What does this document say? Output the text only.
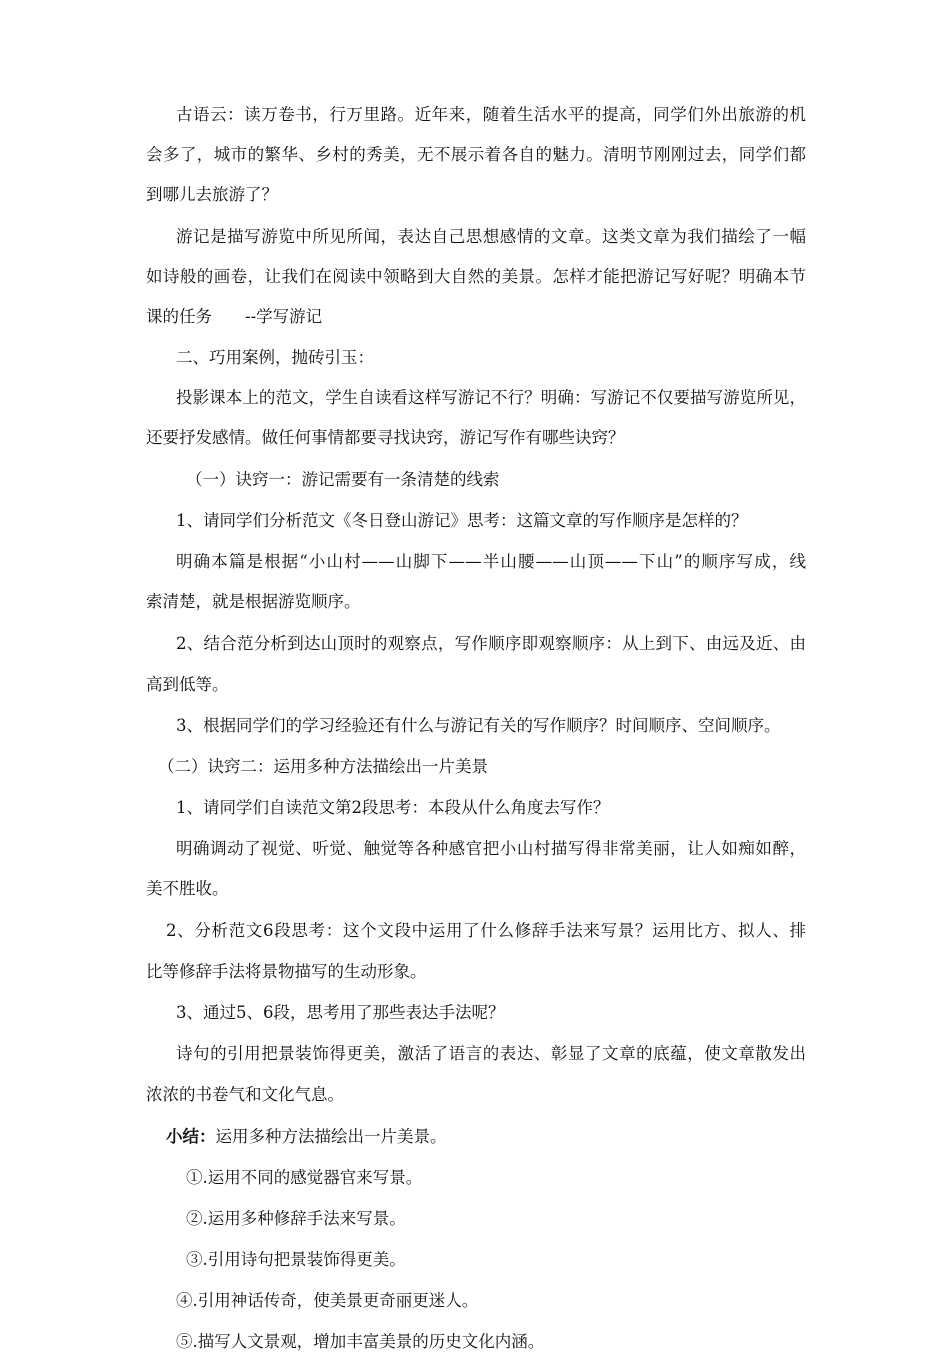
古语云：读万卷书，行万里路。近年来，随着生活水平的提高，同学们外出旅游的机
会多了，城市的繁华、乡村的秀美，无不展示着各自的魅力。清明节刚刚过去，同学们都
到哪儿去旅游了？
游记是描写游览中所见所闻，表达自己思想感情的文章。这类文章为我们描绘了一幅
如诗般的画卷，让我们在阅读中领略到大自然的美景。怎样才能把游记写好呢？明确本节
课的任务　　--学写游记
二、巧用案例，抛砖引玉：
投影课本上的范文，学生自读看这样写游记不行？明确：写游记不仅要描写游览所见，
还要抒发感情。做任何事情都要寻找诀窍，游记写作有哪些诀窍？
（一）诀窍一：游记需要有一条清楚的线索
1、请同学们分析范文《冬日登山游记》思考：这篇文章的写作顺序是怎样的？
明确本篇是根据“小山村——山脚下——半山腰——山顶——下山”的顺序写成，线
索清楚，就是根据游览顺序。
2、结合范分析到达山顶时的观察点，写作顺序即观察顺序：从上到下、由远及近、由
高到低等。
3、根据同学们的学习经验还有什么与游记有关的写作顺序？时间顺序、空间顺序。
（二）诀窍二：运用多种方法描绘出一片美景
1、请同学们自读范文第2段思考：本段从什么角度去写作？
明确调动了视觉、听觉、触觉等各种感官把小山村描写得非常美丽，让人如痴如醉，
美不胜收。
2、分析范文6段思考：这个文段中运用了什么修辞手法来写景？运用比方、拟人、排
比等修辞手法将景物描写的生动形象。
3、通过5、6段，思考用了那些表达手法呢？
诗句的引用把景装饰得更美，激活了语言的表达、彰显了文章的底蕴，使文章散发出
浓浓的书卷气和文化气息。
小结：运用多种方法描绘出一片美景。
①.运用不同的感觉器官来写景。
②.运用多种修辞手法来写景。
③.引用诗句把景装饰得更美。
④.引用神话传奇，使美景更奇丽更迷人。
⑤.描写人文景观，增加丰富美景的历史文化内涵。
